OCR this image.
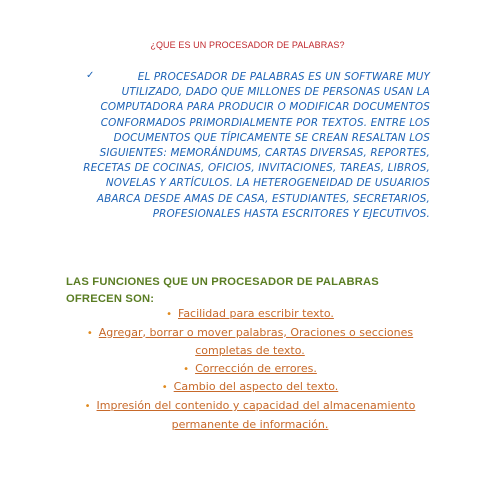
¿QUE ES UN PROCESADOR DE PALABRAS?
✓	EL PROCESADOR DE PALABRAS ES UN SOFTWARE MUY UTILIZADO, DADO QUE MILLONES DE PERSONAS USAN LA COMPUTADORA PARA PRODUCIR O MODIFICAR DOCUMENTOS CONFORMADOS PRIMORDIALMENTE POR TEXTOS. ENTRE LOS DOCUMENTOS QUE TÍPICAMENTE SE CREAN RESALTAN LOS SIGUIENTES: MEMORÁNDUMS, CARTAS DIVERSAS, REPORTES, RECETAS DE COCINAS, OFICIOS, INVITACIONES, TAREAS, LIBROS, NOVELAS Y ARTÍCULOS. LA HETEROGENEIDAD DE USUARIOS ABARCA DESDE AMAS DE CASA, ESTUDIANTES, SECRETARIOS, PROFESIONALES HASTA ESCRITORES Y EJECUTIVOS.
LAS FUNCIONES QUE UN PROCESADOR DE PALABRAS OFRECEN SON:
• Facilidad para escribir texto.
• Agregar, borrar o mover palabras, Oraciones o secciones completas de texto.
• Corrección de errores.
• Cambio del aspecto del texto.
• Impresión del contenido y capacidad del almacenamiento permanente de información.
